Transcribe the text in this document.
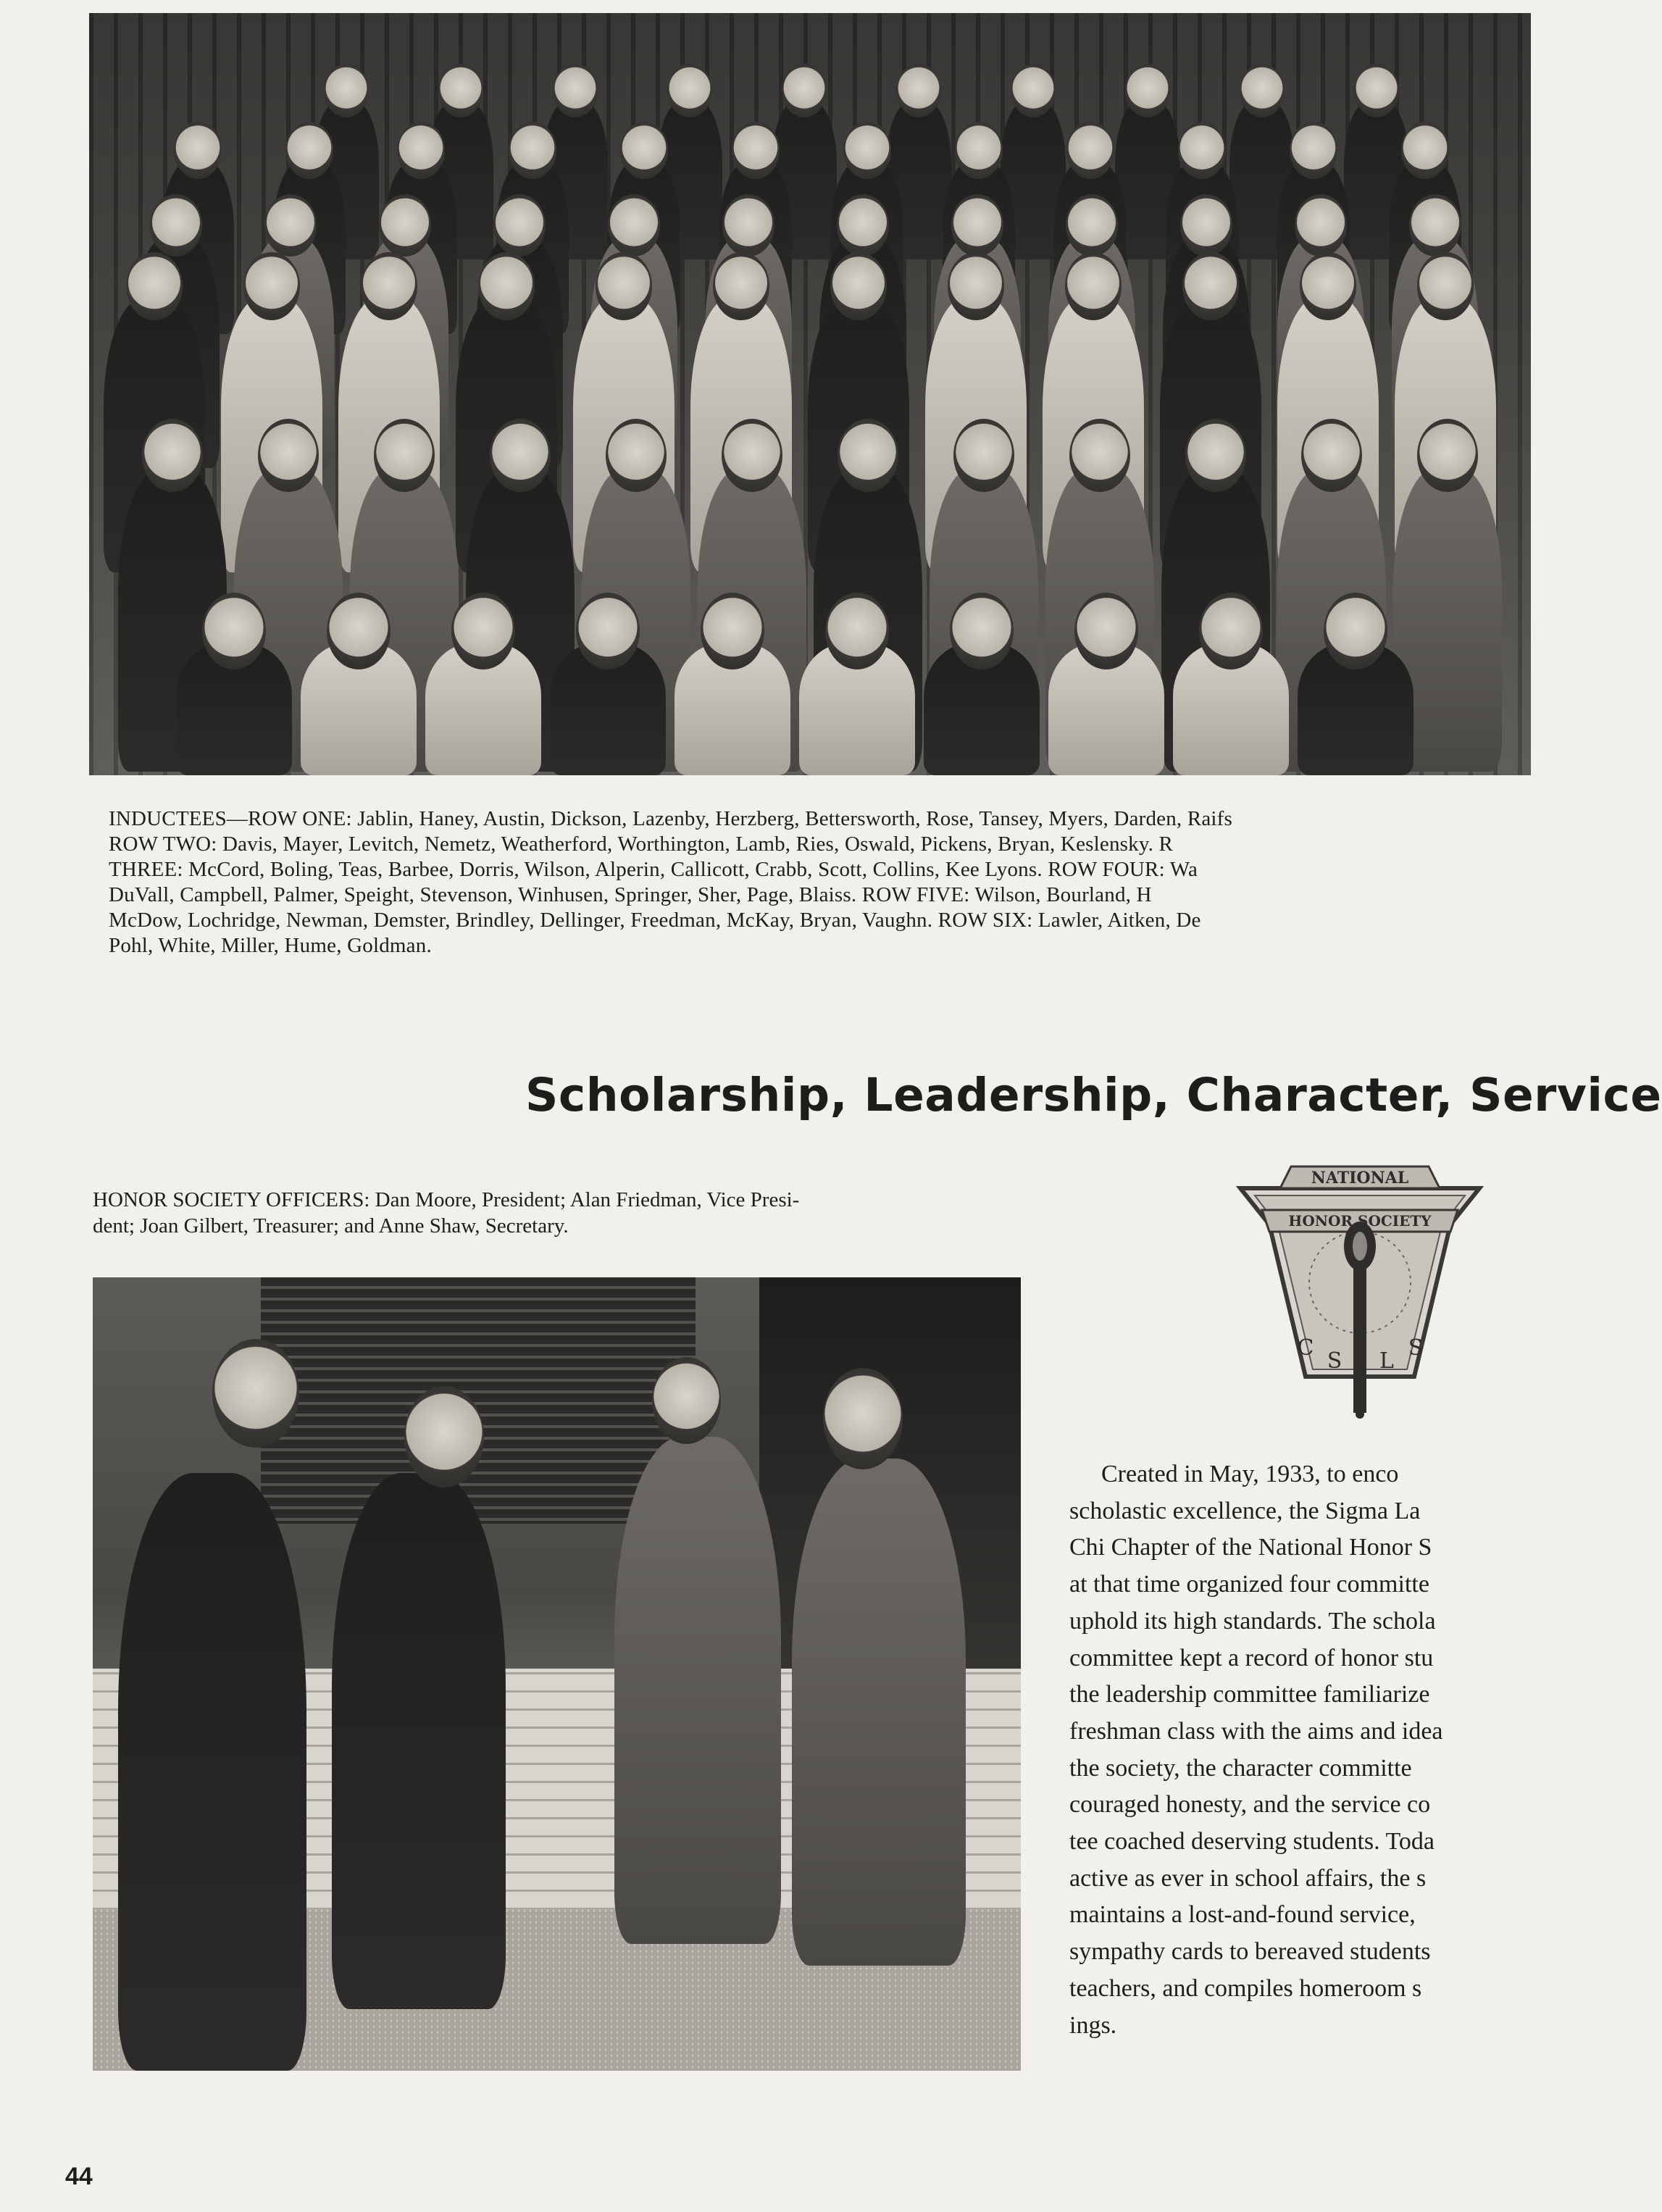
INDUCTEES—ROW ONE: Jablin, Haney, Austin, Dickson, Lazenby, Herzberg, Bettersworth, Rose, Tansey, Myers, Darden, Raifs
ROW TWO: Davis, Mayer, Levitch, Nemetz, Weatherford, Worthington, Lamb, Ries, Oswald, Pickens, Bryan, Keslensky. R
THREE: McCord, Boling, Teas, Barbee, Dorris, Wilson, Alperin, Callicott, Crabb, Scott, Collins, Kee Lyons. ROW FOUR: Wa
DuVall, Campbell, Palmer, Speight, Stevenson, Winhusen, Springer, Sher, Page, Blaiss. ROW FIVE: Wilson, Bourland, H
McDow, Lochridge, Newman, Demster, Brindley, Dellinger, Freedman, McKay, Bryan, Vaughn. ROW SIX: Lawler, Aitken, De
Pohl, White, Miller, Hume, Goldman.
Scholarship, Leadership, Character, Service
HONOR SOCIETY OFFICERS: Dan Moore, President; Alan Friedman, Vice Presi-
dent; Joan Gilbert, Treasurer; and Anne Shaw, Secretary.
NATIONAL
HONOR SOCIETY
C
S L
S
Created in May, 1933, to enco
scholastic excellence, the Sigma La
Chi Chapter of the National Honor S
at that time organized four committe
uphold its high standards. The schola
committee kept a record of honor stu
the leadership committee familiarize
freshman class with the aims and idea
the society, the character committe
couraged honesty, and the service co
tee coached deserving students. Toda
active as ever in school affairs, the s
maintains a lost-and-found service,
sympathy cards to bereaved students
teachers, and compiles homeroom s
ings.
44
